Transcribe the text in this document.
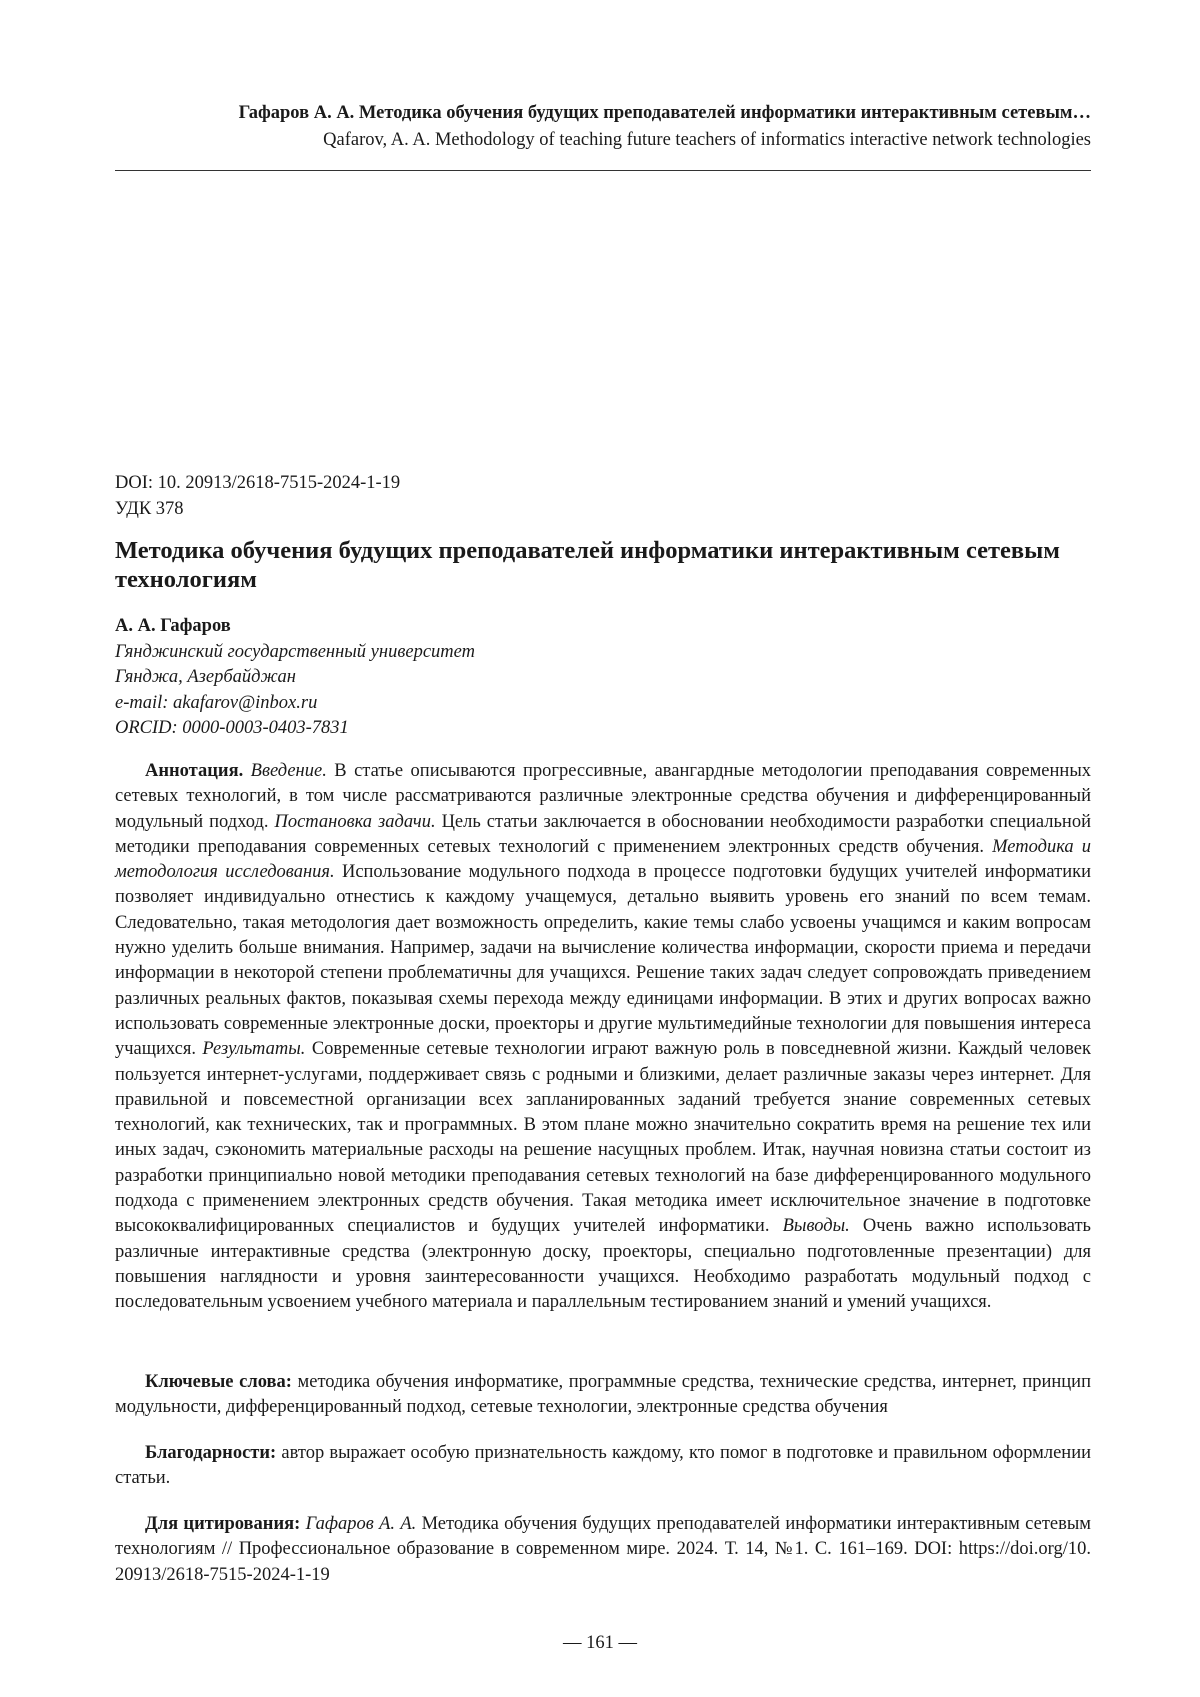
Гафаров А. А. Методика обучения будущих преподавателей информатики интерактивным сетевым…
Qafarov, A. A. Methodology of teaching future teachers of informatics interactive network technologies
DOI: 10. 20913/2618-7515-2024-1-19
УДК 378
Методика обучения будущих преподавателей информатики интерактивным сетевым технологиям
А. А. Гафаров
Гянджинский государственный университет
Гянджа, Азербайджан
e-mail: akafarov@inbox.ru
ORCID: 0000-0003-0403-7831

Аннотация. Введение. В статье описываются прогрессивные, авангардные методологии преподавания современных сетевых технологий, в том числе рассматриваются различные электронные средства обучения и дифференцированный модульный подход. Постановка задачи. Цель статьи заключается в обосновании необходимости разработки специальной методики преподавания современных сетевых технологий с применением электронных средств обучения. Методика и методология исследования. Использование модульного подхода в процессе подготовки будущих учителей информатики позволяет индивидуально отнестись к каждому учащемуся, детально выявить уровень его знаний по всем темам. Следовательно, такая методология дает возможность определить, какие темы слабо усвоены учащимся и каким вопросам нужно уделить больше внимания. Например, задачи на вычисление количества информации, скорости приема и передачи информации в некоторой степени проблематичны для учащихся. Решение таких задач следует сопровождать приведением различных реальных фактов, показывая схемы перехода между единицами информации. В этих и других вопросах важно использовать современные электронные доски, проекторы и другие мультимедийные технологии для повышения интереса учащихся. Результаты. Современные сетевые технологии играют важную роль в повседневной жизни. Каждый человек пользуется интернет-услугами, поддерживает связь с родными и близкими, делает различные заказы через интернет. Для правильной и повсеместной организации всех запланированных заданий требуется знание современных сетевых технологий, как технических, так и программных. В этом плане можно значительно сократить время на решение тех или иных задач, сэкономить материальные расходы на решение насущных проблем. Итак, научная новизна статьи состоит из разработки принципиально новой методики преподавания сетевых технологий на базе дифференцированного модульного подхода с применением электронных средств обучения. Такая методика имеет исключительное значение в подготовке высококвалифицированных специалистов и будущих учителей информатики. Выводы. Очень важно использовать различные интерактивные средства (электронную доску, проекторы, специально подготовленные презентации) для повышения наглядности и уровня заинтересованности учащихся. Необходимо разработать модульный подход с последовательным усвоением учебного материала и параллельным тестированием знаний и умений учащихся.

Ключевые слова: методика обучения информатике, программные средства, технические средства, интернет, принцип модульности, дифференцированный подход, сетевые технологии, электронные средства обучения

Благодарности: автор выражает особую признательность каждому, кто помог в подготовке и правильном оформлении статьи.

Для цитирования: Гафаров А. А. Методика обучения будущих преподавателей информатики интерактивным сетевым технологиям // Профессиональное образование в современном мире. 2024. Т. 14, №1. С. 161–169. DOI: https://doi.org/10. 20913/2618-7515-2024-1-19

— 161 —
